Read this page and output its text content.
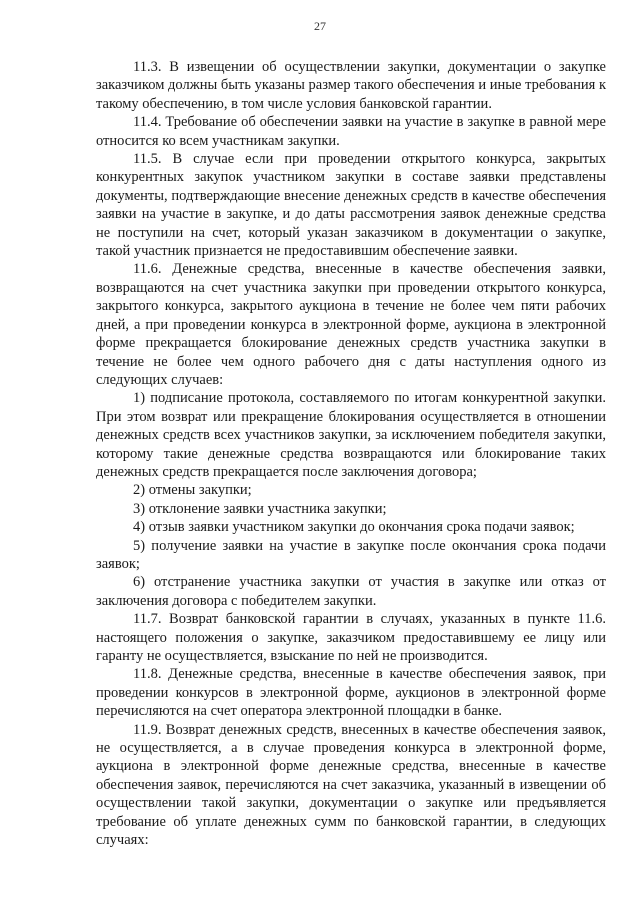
27

11.3. В извещении об осуществлении закупки, документации о закупке заказчиком должны быть указаны размер такого обеспечения и иные требования к такому обеспечению, в том числе условия банковской гарантии.

11.4. Требование об обеспечении заявки на участие в закупке в равной мере относится ко всем участникам закупки.

11.5. В случае если при проведении открытого конкурса, закрытых конкурентных закупок участником закупки в составе заявки представлены документы, подтверждающие внесение денежных средств в качестве обеспечения заявки на участие в закупке, и до даты рассмотрения заявок денежные средства не поступили на счет, который указан заказчиком в документации о закупке, такой участник признается не предоставившим обеспечение заявки.

11.6. Денежные средства, внесенные в качестве обеспечения заявки, возвращаются на счет участника закупки при проведении открытого конкурса, закрытого конкурса, закрытого аукциона в течение не более чем пяти рабочих дней, а при проведении конкурса в электронной форме, аукциона в электронной форме прекращается блокирование денежных средств участника закупки в течение не более чем одного рабочего дня с даты наступления одного из следующих случаев:

1) подписание протокола, составляемого по итогам конкурентной закупки. При этом возврат или прекращение блокирования осуществляется в отношении денежных средств всех участников закупки, за исключением победителя закупки, которому такие денежные средства возвращаются или блокирование таких денежных средств прекращается после заключения договора;

2) отмены закупки;

3) отклонение заявки участника закупки;

4) отзыв заявки участником закупки до окончания срока подачи заявок;

5) получение заявки на участие в закупке после окончания срока подачи заявок;

6) отстранение участника закупки от участия в закупке или отказ от заключения договора с победителем закупки.

11.7. Возврат банковской гарантии в случаях, указанных в пункте 11.6. настоящего положения о закупке, заказчиком предоставившему ее лицу или гаранту не осуществляется, взыскание по ней не производится.

11.8. Денежные средства, внесенные в качестве обеспечения заявок, при проведении конкурсов в электронной форме, аукционов в электронной форме перечисляются на счет оператора электронной площадки в банке.

11.9. Возврат денежных средств, внесенных в качестве обеспечения заявок, не осуществляется, а в случае проведения конкурса в электронной форме, аукциона в электронной форме денежные средства, внесенные в качестве обеспечения заявок, перечисляются на счет заказчика, указанный в извещении об осуществлении такой закупки, документации о закупке или предъявляется требование об уплате денежных сумм по банковской гарантии, в следующих случаях:
